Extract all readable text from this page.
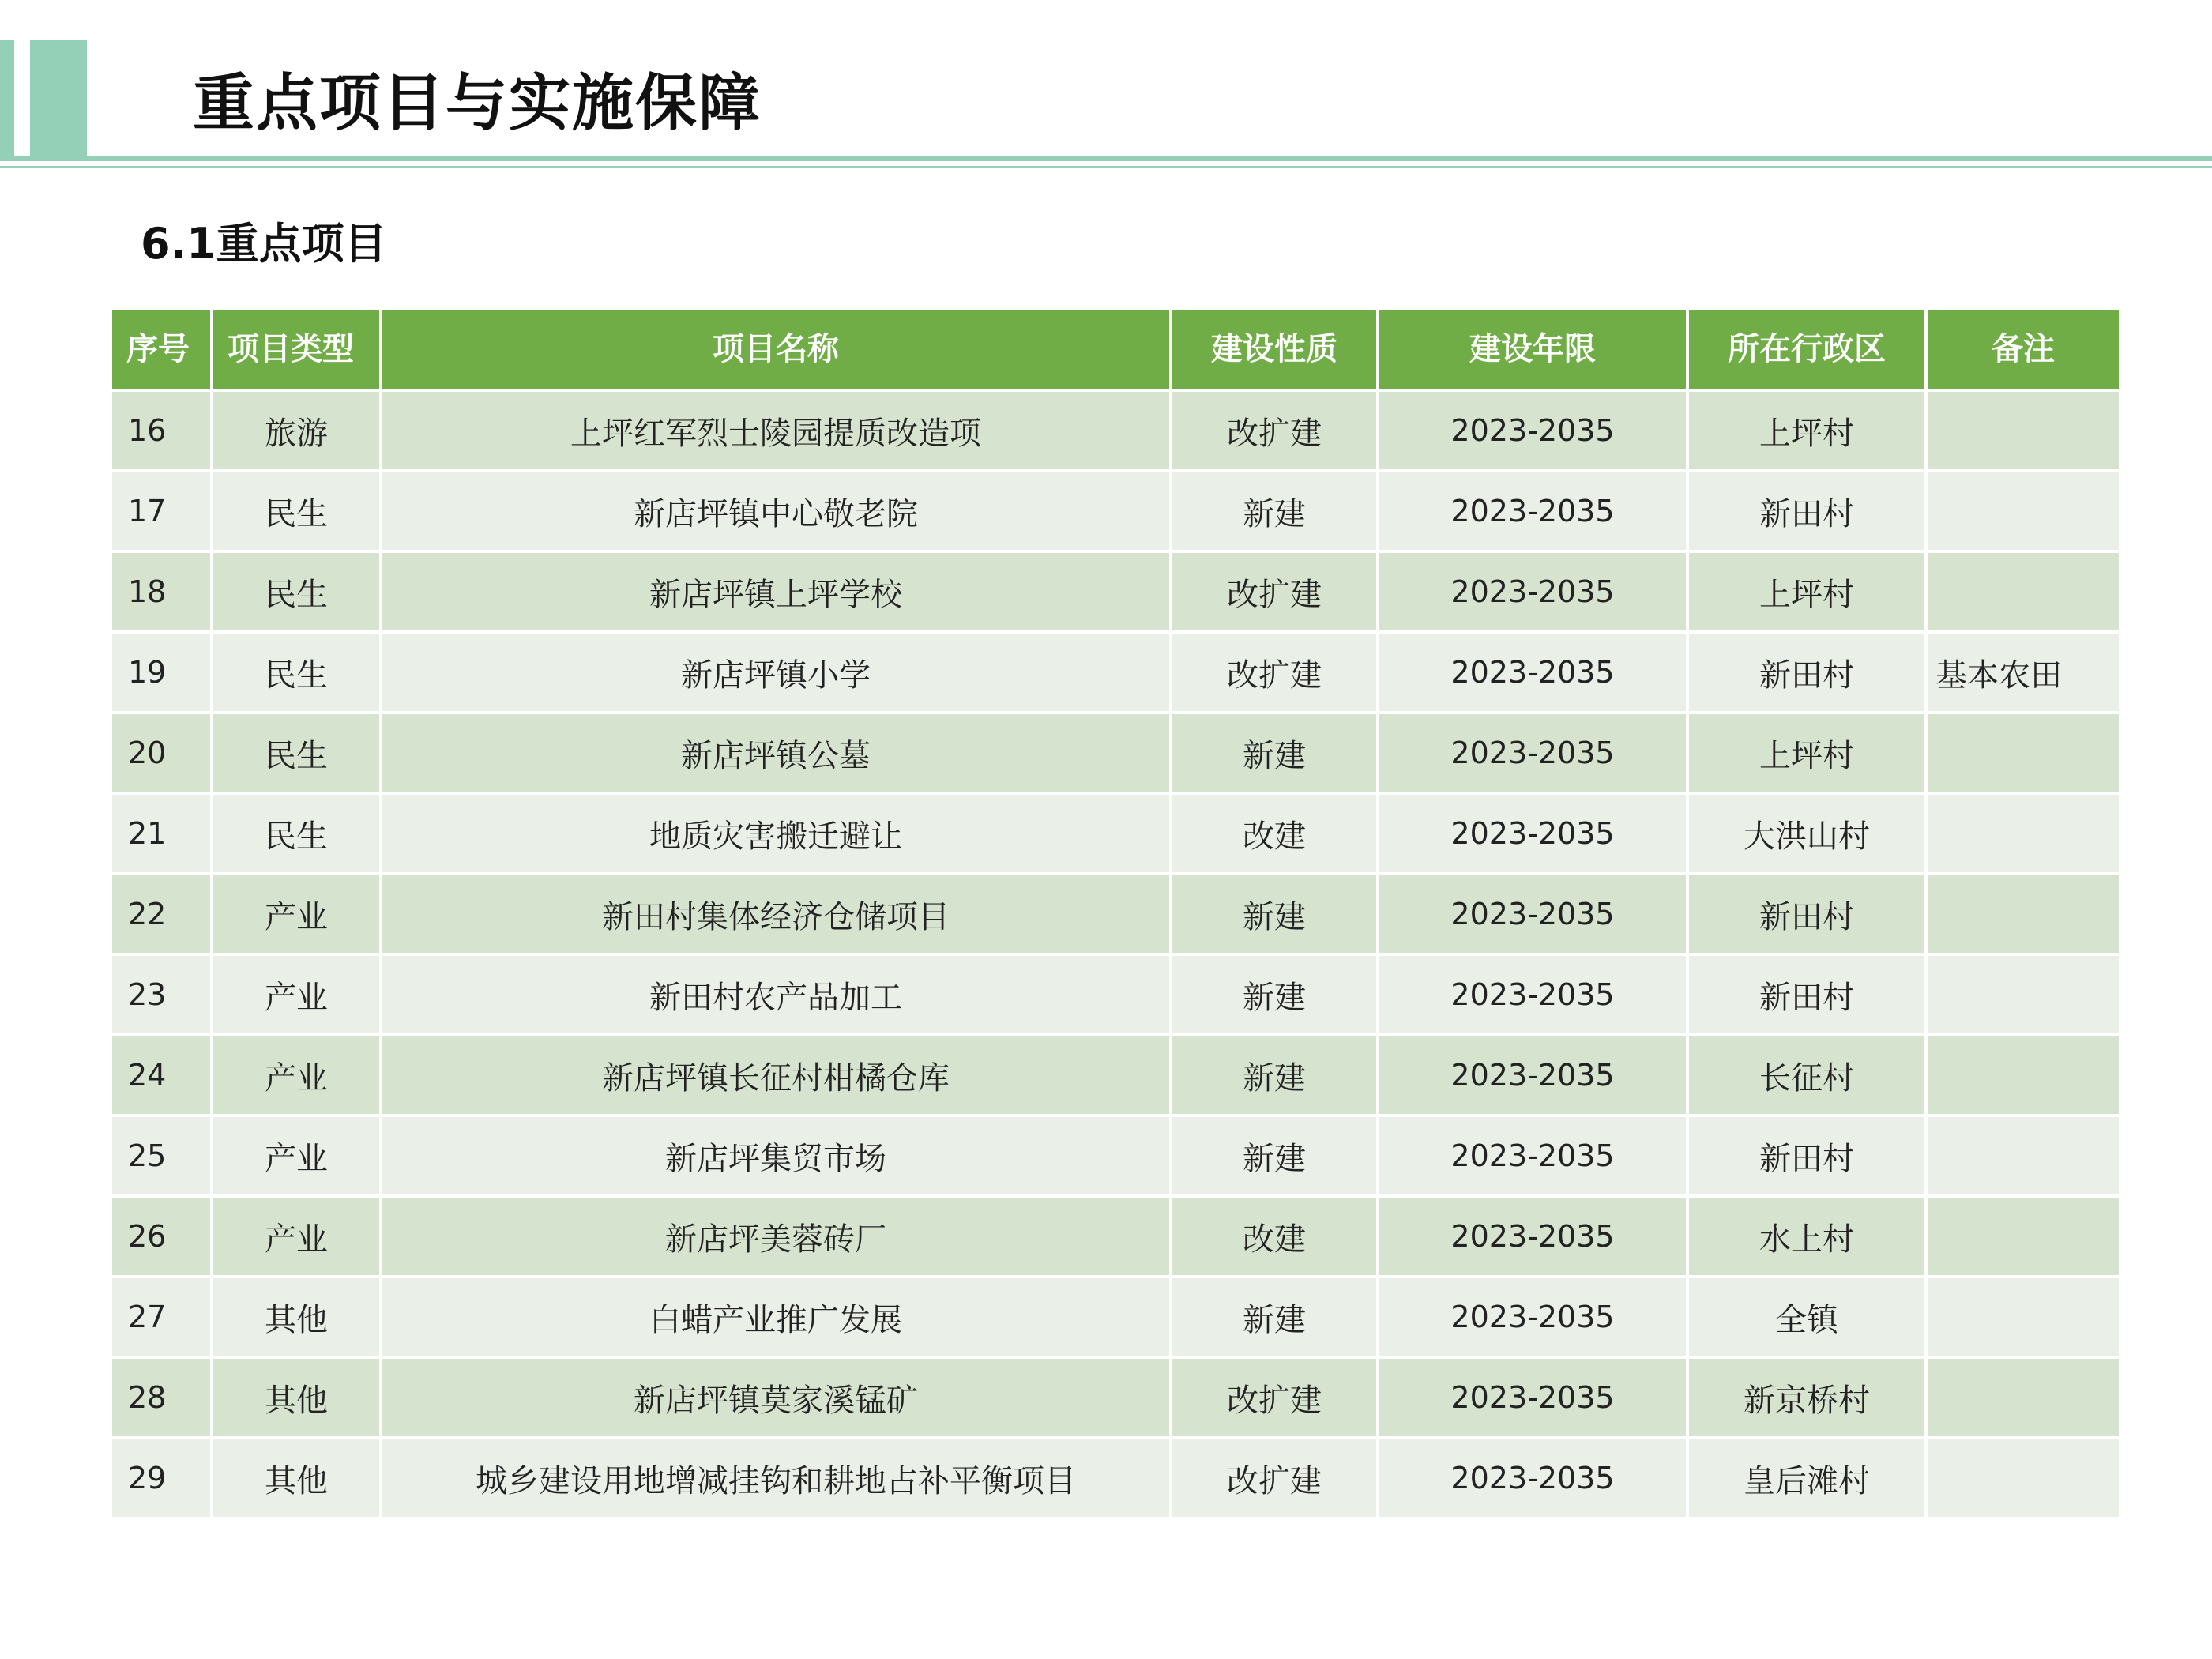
重点项目与实施保障
6.1重点项目
序号	项目类型	项目名称	建设性质	建设年限	所在行政区	备注
16	旅游	上坪红军烈士陵园提质改造项	改扩建	2023-2035	上坪村	
17	民生	新店坪镇中心敬老院	新建	2023-2035	新田村	
18	民生	新店坪镇上坪学校	改扩建	2023-2035	上坪村	
19	民生	新店坪镇小学	改扩建	2023-2035	新田村	基本农田
20	民生	新店坪镇公墓	新建	2023-2035	上坪村	
21	民生	地质灾害搬迁避让	改建	2023-2035	大洪山村	
22	产业	新田村集体经济仓储项目	新建	2023-2035	新田村	
23	产业	新田村农产品加工	新建	2023-2035	新田村	
24	产业	新店坪镇长征村柑橘仓库	新建	2023-2035	长征村	
25	产业	新店坪集贸市场	新建	2023-2035	新田村	
26	产业	新店坪美蓉砖厂	改建	2023-2035	水上村	
27	其他	白蜡产业推广发展	新建	2023-2035	全镇	
28	其他	新店坪镇莫家溪锰矿	改扩建	2023-2035	新京桥村	
29	其他	城乡建设用地增减挂钩和耕地占补平衡项目	改扩建	2023-2035	皇后滩村	
